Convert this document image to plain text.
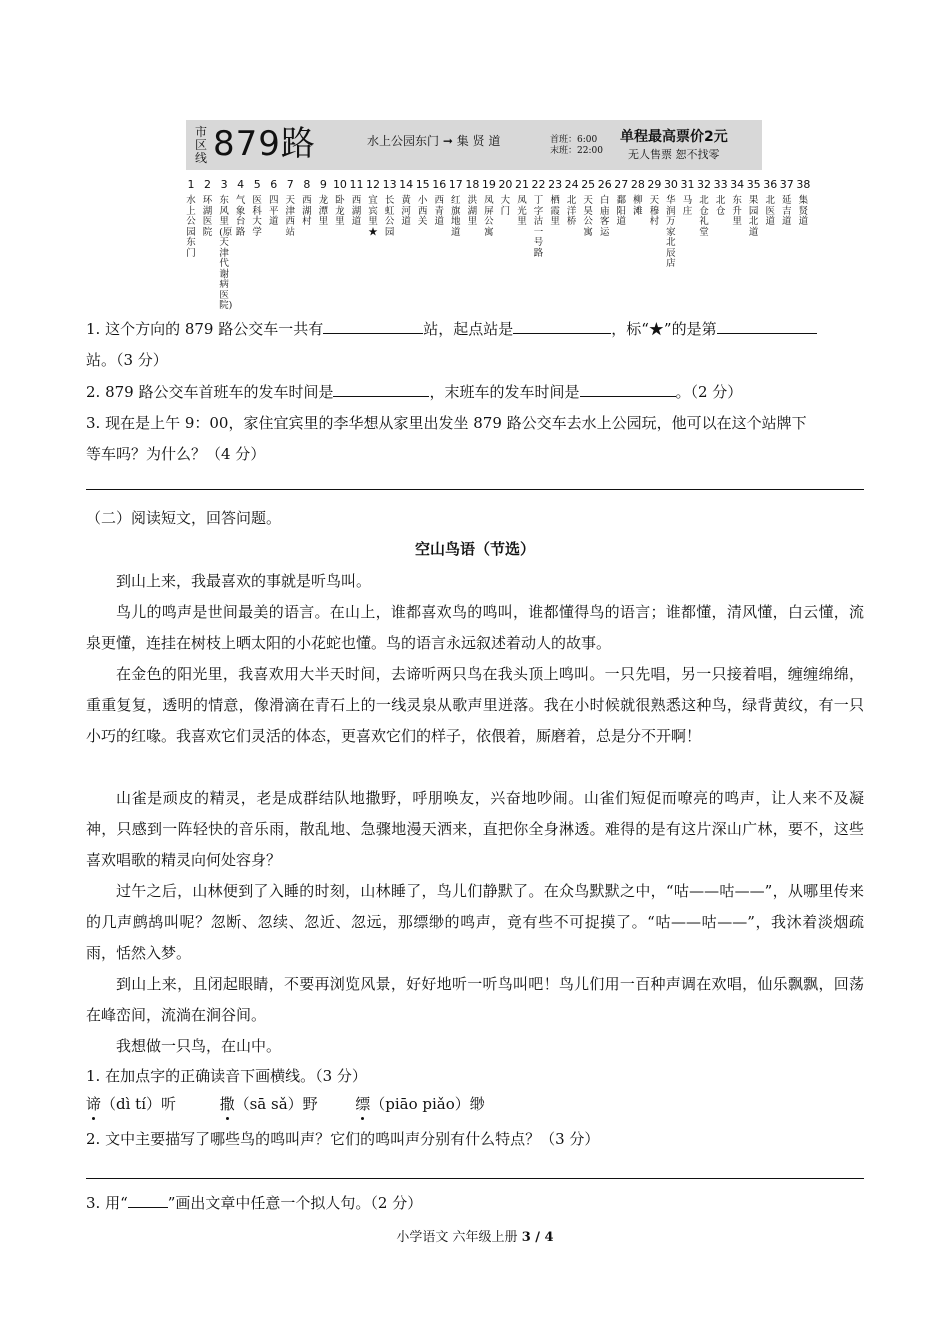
市区线 879路	水上公园东门 ➞ 集 贤 道	首班：6:00
末班：22:00
单程最高票价2元
无人售票 恕不找零
1
水上公园东门
2
环湖医院
3
东风里(原天津代谢病医院)
4
气象台路
5
医科大学
6
四平道
7
天津西站
8
西湖村
9
龙潭里
10
卧龙里
11
西湖道
12
宜宾里★
13
长虹公园
14
黄河道
15
小西关
16
西青道
17
红旗地道
18
洪湖里
19
凤屏公寓
20
大门
21
凤光里
22
丁字沽一号路
23
栖霞里
24
北洋桥
25
天昊公寓
26
白庙客运
27
鄱阳道
28
柳滩
29
天穆村
30
华润万家北辰店
31
马庄
32
北仓礼堂
33
北仓
34
东升里
35
果园北道
36
北医道
37
延吉道
38
集贤道
1. 这个方向的 879 路公交车一共有	站，起点站是	，标“★”的是第
站。（3 分）
2. 879 路公交车首班车的发车时间是	，末班车的发车时间是	。（2 分）
3. 现在是上午 9：00，家住宜宾里的李华想从家里出发坐 879 路公交车去水上公园玩，他可以在这个站牌下
等车吗？为什么？（4 分）
（二）阅读短文，回答问题。
空山鸟语（节选）
到山上来，我最喜欢的事就是听鸟叫。
鸟儿的鸣声是世间最美的语言。在山上，谁都喜欢鸟的鸣叫，谁都懂得鸟的语言；谁都懂，清风懂，白云懂，流泉更懂，连挂在树枝上晒太阳的小花蛇也懂。鸟的语言永远叙述着动人的故事。
在金色的阳光里，我喜欢用大半天时间，去谛听两只鸟在我头顶上鸣叫。一只先唱，另一只接着唱，缠缠绵绵，重重复复，透明的情意，像滑滴在青石上的一线灵泉从歌声里迸落。我在小时候就很熟悉这种鸟，绿背黄纹，有一只小巧的红喙。我喜欢它们灵活的体态，更喜欢它们的样子，依偎着，厮磨着，总是分不开啊！
山雀是顽皮的精灵，老是成群结队地撒野，呼朋唤友，兴奋地吵闹。山雀们短促而嘹亮的鸣声，让人来不及凝神，只感到一阵轻快的音乐雨，散乱地、急骤地漫天洒来，直把你全身淋透。难得的是有这片深山广林，要不，这些喜欢唱歌的精灵向何处容身？
过午之后，山林便到了入睡的时刻，山林睡了，鸟儿们静默了。在众鸟默默之中，“咕——咕——”，从哪里传来的几声鹧鸪叫呢？忽断、忽续、忽近、忽远，那缥缈的鸣声，竟有些不可捉摸了。“咕——咕——”，我沐着淡烟疏雨，恬然入梦。
到山上来，且闭起眼睛，不要再浏览风景，好好地听一听鸟叫吧！鸟儿们用一百种声调在欢唱，仙乐飘飘，回荡在峰峦间，流淌在涧谷间。
我想做一只鸟，在山中。
1. 在加点字的正确读音下画横线。（3 分）
谛（dì tí）听	撒（sā sǎ）野	缥（piāo piǎo）缈
2. 文中主要描写了哪些鸟的鸣叫声？它们的鸣叫声分别有什么特点？（3 分）
3. 用“	”画出文章中任意一个拟人句。（2 分）
小学语文 六年级上册 3 / 4
